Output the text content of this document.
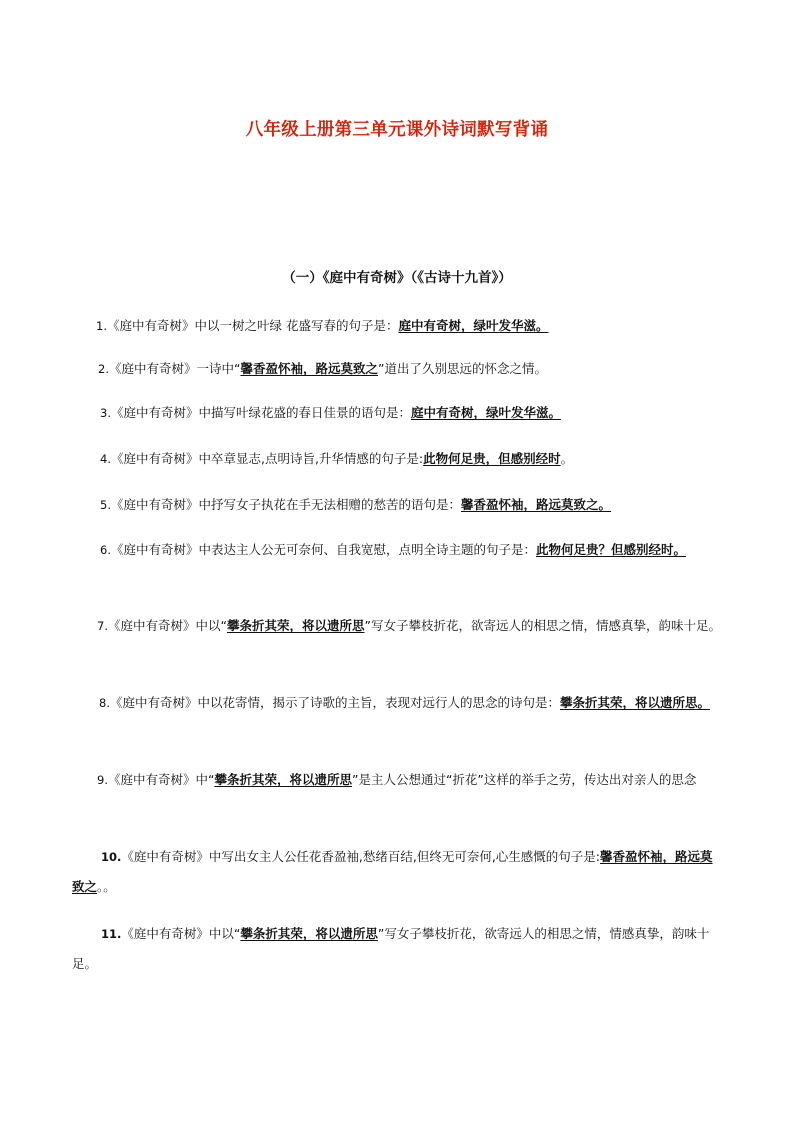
八年级上册第三单元课外诗词默写背诵
（一）《庭中有奇树》（《古诗十九首》）

1.《庭中有奇树》中以一树之叶绿 花盛写春的句子是：庭中有奇树，绿叶发华滋。

2.《庭中有奇树》一诗中“馨香盈怀袖，路远莫致之”道出了久别思远的怀念之情。

3.《庭中有奇树》中描写叶绿花盛的春日佳景的语句是：庭中有奇树，绿叶发华滋。

4.《庭中有奇树》中卒章显志,点明诗旨,升华情感的句子是:此物何足贵，但感别经时。

5.《庭中有奇树》中抒写女子执花在手无法相赠的愁苦的语句是：馨香盈怀袖，路远莫致之。

6.《庭中有奇树》中表达主人公无可奈何、自我宽慰，点明全诗主题的句子是：此物何足贵？但感别经时。

7.《庭中有奇树》中以“攀条折其荣，将以遗所思”写女子攀枝折花，欲寄远人的相思之情，情感真挚，韵味十足。

8.《庭中有奇树》中以花寄情，揭示了诗歌的主旨，表现对远行人的思念的诗句是：攀条折其荣，将以遗所思。

9.《庭中有奇树》中“攀条折其荣，将以遗所思”是主人公想通过“折花”这样的举手之劳，传达出对亲人的思念

10.《庭中有奇树》中写出女主人公任花香盈袖,愁绪百结,但终无可奈何,心生感慨的句子是:馨香盈怀袖，路远莫致之。。

11.《庭中有奇树》中以“攀条折其荣，将以遗所思”写女子攀枝折花，欲寄远人的相思之情，情感真挚，韵味十足。
